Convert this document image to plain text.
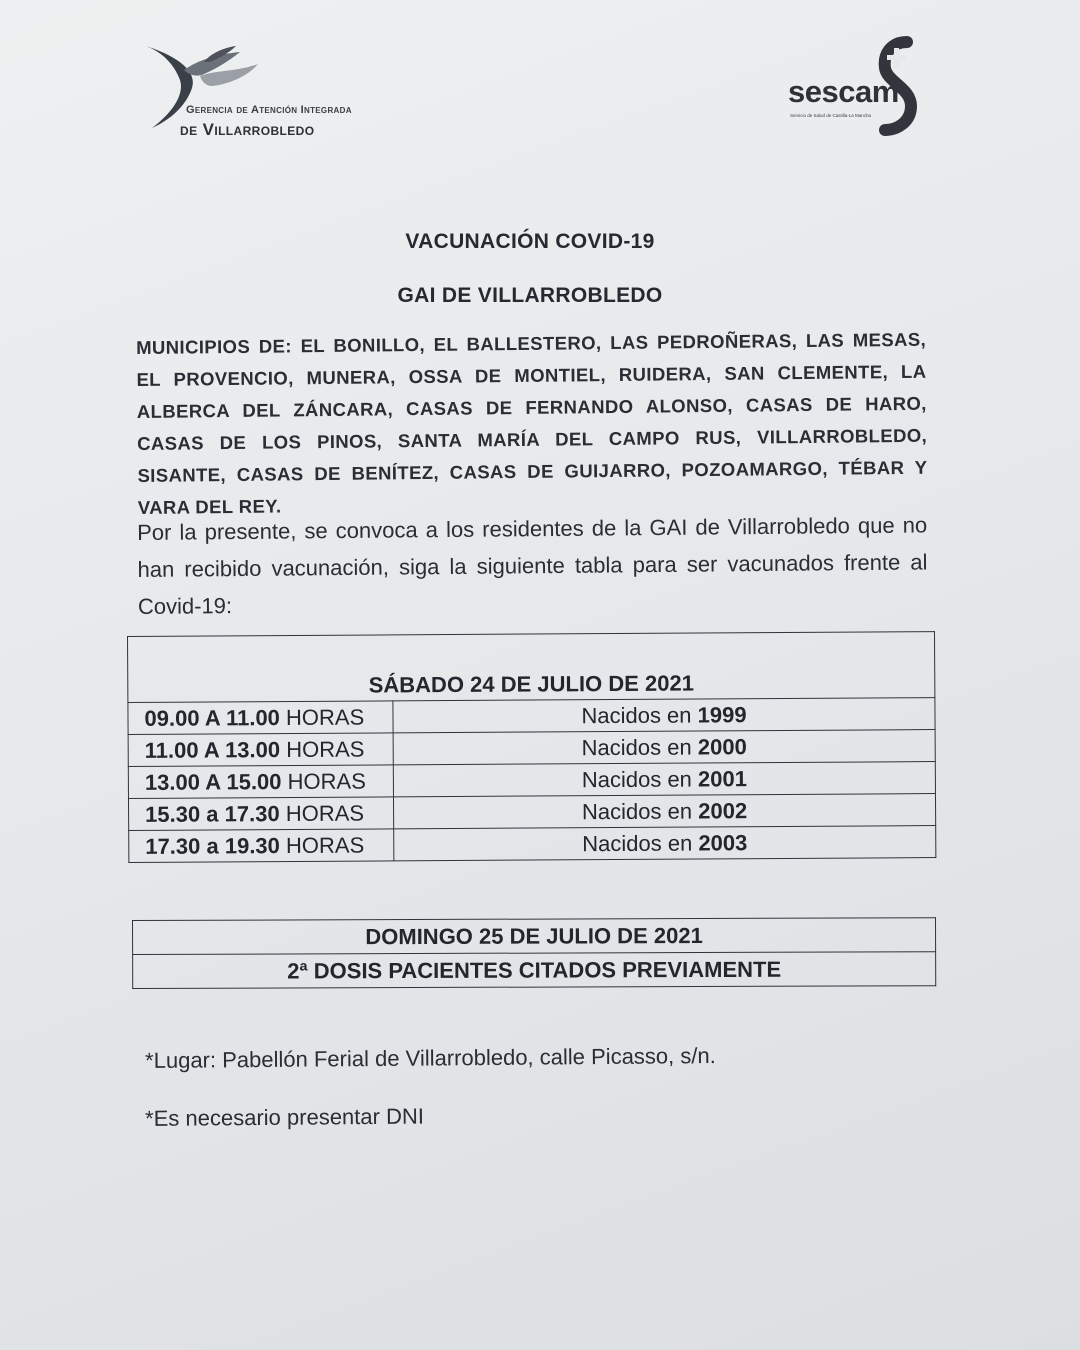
Gerencia de Atención Integrada
de Villarrobledo
sescam
Servicio de Salud de Castilla-La Mancha
VACUNACIÓN COVID-19
GAI DE VILLARROBLEDO
MUNICIPIOS DE: EL BONILLO, EL BALLESTERO, LAS PEDROÑERAS, LAS MESAS, EL PROVENCIO, MUNERA, OSSA DE MONTIEL, RUIDERA, SAN CLEMENTE, LA ALBERCA DEL ZÁNCARA, CASAS DE FERNANDO ALONSO, CASAS DE HARO, CASAS DE LOS PINOS, SANTA MARÍA DEL CAMPO RUS, VILLARROBLEDO, SISANTE, CASAS DE BENÍTEZ, CASAS DE GUIJARRO, POZOAMARGO, TÉBAR Y VARA DEL REY.
Por la presente, se convoca a los residentes de la GAI de Villarrobledo que no han recibido vacunación, siga la siguiente tabla para ser vacunados frente al Covid-19:
SÁBADO 24 DE JULIO DE 2021	
09.00 A 11.00 HORAS	Nacidos en 1999
11.00 A 13.00 HORAS	Nacidos en 2000
13.00 A 15.00 HORAS	Nacidos en 2001
15.30 a 17.30 HORAS	Nacidos en 2002
17.30 a 19.30 HORAS	Nacidos en 2003
DOMINGO 25 DE JULIO DE 2021
2ª DOSIS PACIENTES CITADOS PREVIAMENTE
*Lugar: Pabellón Ferial de Villarrobledo, calle Picasso, s/n.
*Es necesario presentar DNI
